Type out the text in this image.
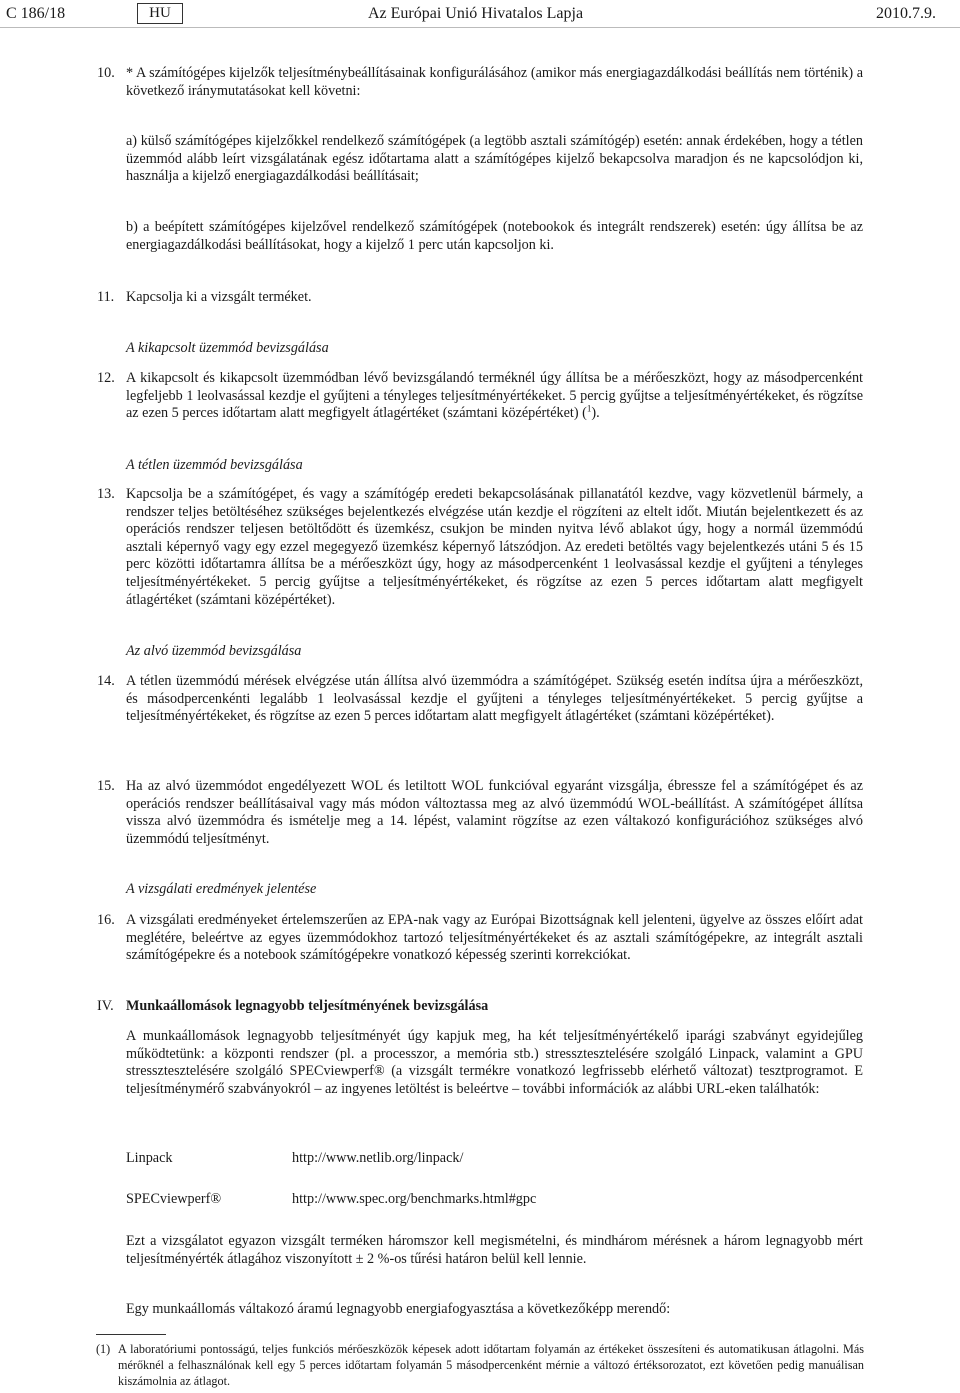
C 186/18	HU	Az Európai Unió Hivatalos Lapja	2010.7.9.
10. * A számítógépes kijelzők teljesítménybeállításainak konfigurálásához (amikor más energiagazdálkodási beállítás nem történik) a következő iránymutatásokat kell követni:

a) külső számítógépes kijelzőkkel rendelkező számítógépek (a legtöbb asztali számítógép) esetén: annak érdekében, hogy a tétlen üzemmód alább leírt vizsgálatának egész időtartama alatt a számítógépes kijelző bekapcsolva maradjon és ne kapcsolódjon ki, használja a kijelző energiagazdálkodási beállításait;

b) a beépített számítógépes kijelzővel rendelkező számítógépek (notebookok és integrált rendszerek) esetén: úgy állítsa be az energiagazdálkodási beállításokat, hogy a kijelző 1 perc után kapcsoljon ki.

11. Kapcsolja ki a vizsgált terméket.

A kikapcsolt üzemmód bevizsgálása

12. A kikapcsolt és kikapcsolt üzemmódban lévő bevizsgálandó terméknél úgy állítsa be a mérőeszközt, hogy az másodpercenként legfeljebb 1 leolvasással kezdje el gyűjteni a tényleges teljesítményértékeket. 5 percig gyűjtse a teljesítményértékeket, és rögzítse az ezen 5 perces időtartam alatt megfigyelt átlagértéket (számtani középértéket) ($^1$).

A tétlen üzemmód bevizsgálása

13. Kapcsolja be a számítógépet, és vagy a számítógép eredeti bekapcsolásának pillanatától kezdve, vagy közvetlenül bármely, a rendszer teljes betöltéséhez szükséges bejelentkezés elvégzése után kezdje el rögzíteni az eltelt időt. Miután bejelentkezett és az operációs rendszer teljesen betöltődött és üzemkész, csukjon be minden nyitva lévő ablakot úgy, hogy a normál üzemmódú asztali képernyő vagy egy ezzel megegyező üzemkész képernyő látszódjon. Az eredeti betöltés vagy bejelentkezés utáni 5 és 15 perc közötti időtartamra állítsa be a mérőeszközt úgy, hogy az másodpercenként 1 leolvasással kezdje el gyűjteni a tényleges teljesítményértékeket. 5 percig gyűjtse a teljesítményértékeket, és rögzítse az ezen 5 perces időtartam alatt megfigyelt átlagértéket (számtani középértéket).

Az alvó üzemmód bevizsgálása

14. A tétlen üzemmódú mérések elvégzése után állítsa alvó üzemmódra a számítógépet. Szükség esetén indítsa újra a mérőeszközt, és másodpercenkénti legalább 1 leolvasással kezdje el gyűjteni a tényleges teljesítményértékeket. 5 percig gyűjtse a teljesítményértékeket, és rögzítse az ezen 5 perces időtartam alatt megfigyelt átlagértéket (számtani középértéket).

15. Ha az alvó üzemmódot engedélyezett WOL és letiltott WOL funkcióval egyaránt vizsgálja, ébressze fel a számítógépet és az operációs rendszer beállításaival vagy más módon változtassa meg az alvó üzemmódú WOL-beállítást. A számítógépet állítsa vissza alvó üzemmódra és ismételje meg a 14. lépést, valamint rögzítse az ezen váltakozó konfigurációhoz szükséges alvó üzemmódú teljesítményt.

A vizsgálati eredmények jelentése

16. A vizsgálati eredményeket értelemszerűen az EPA-nak vagy az Európai Bizottságnak kell jelenteni, ügyelve az összes előírt adat meglétére, beleértve az egyes üzemmódokhoz tartozó teljesítményértékeket és az asztali számítógépekre, az integrált asztali számítógépekre és a notebook számítógépekre vonatkozó képesség szerinti korrekciókat.

IV. Munkaállomások legnagyobb teljesítményének bevizsgálása

A munkaállomások legnagyobb teljesítményét úgy kapjuk meg, ha két teljesítményértékelő iparági szabványt egyidejűleg működtetünk: a központi rendszer (pl. a processzor, a memória stb.) stressztesztelésére szolgáló Linpack, valamint a GPU stressztesztelésére szolgáló SPECviewperf® (a vizsgált termékre vonatkozó legfrissebb elérhető változat) tesztprogramot. E teljesítménymérő szabványokról – az ingyenes letöltést is beleértve – további információk az alábbi URL-eken találhatók:

Linpack	http://www.netlib.org/linpack/
SPECviewperf®	http://www.spec.org/benchmarks.html#gpc

Ezt a vizsgálatot egyazon vizsgált terméken háromszor kell megismételni, és mindhárom mérésnek a három legnagyobb mért teljesítményérték átlagához viszonyított ± 2 %-os tűrési határon belül kell lennie.

Egy munkaállomás váltakozó áramú legnagyobb energiafogyasztása a következőképp merendő:

(1) A laboratóriumi pontosságú, teljes funkciós mérőeszközök képesek adott időtartam folyamán az értékeket összesíteni és automatikusan átlagolni. Más mérőknél a felhasználónak kell egy 5 perces időtartam folyamán 5 másodpercenként mérnie a változó értéksorozatot, ezt követően pedig manuálisan kiszámolnia az átlagot.
